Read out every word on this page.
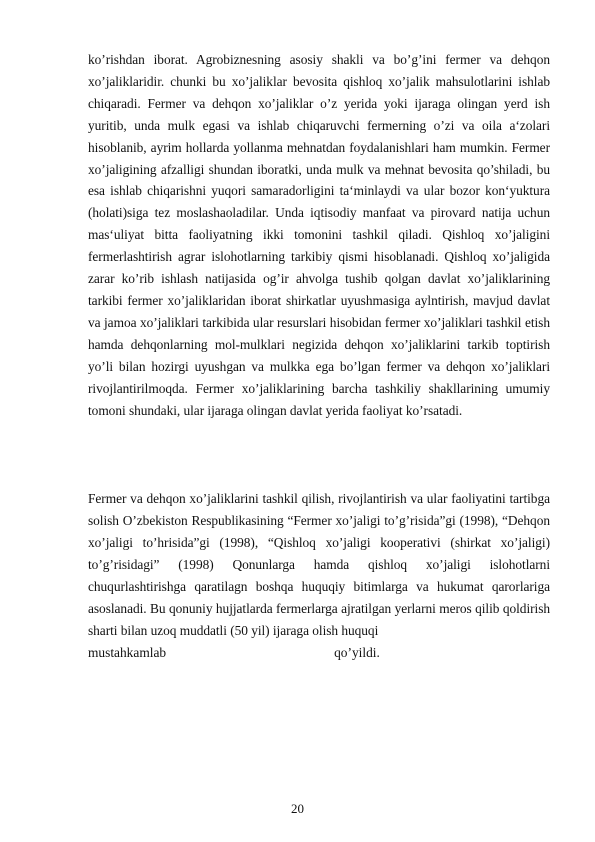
ko’rishdan iborat. Agrobiznesning asosiy shakli va bo’g’ini fermer va dehqon xo’jaliklaridir. chunki bu xo’jaliklar bevosita qishloq xo’jalik mahsulotlarini ishlab chiqaradi. Fermer va dehqon xo’jaliklar o’z yerida yoki ijaraga olingan yerd ish yuritib, unda mulk egasi va ishlab chiqaruvchi fermerning o’zi va oila a‘zolari hisoblanib, ayrim hollarda yollanma mehnatdan foydalanishlari ham mumkin. Fermer xo’jaligining afzalligi shundan iboratki, unda mulk va mehnat bevosita qo’shiladi, bu esa ishlab chiqarishni yuqori samaradorligini ta‘minlaydi va ular bozor kon‘yuktura (holati)siga tez moslashaoladilar. Unda iqtisodiy manfaat va pirovard natija uchun mas‘uliyat bitta faoliyatning ikki tomonini tashkil qiladi. Qishloq xo’jaligini fermerlashtirish agrar islohotlarning tarkibiy qismi hisoblanadi. Qishloq xo’jaligida zarar ko’rib ishlash natijasida og’ir ahvolga tushib qolgan davlat xo’jaliklarining tarkibi fermer xo’jaliklaridan iborat shirkatlar uyushmasiga aylntirish, mavjud davlat va jamoa xo’jaliklari tarkibida ular resurslari hisobidan fermer xo’jaliklari tashkil etish hamda dehqonlarning mol-mulklari negizida dehqon xo’jaliklarini tarkib toptirish yo’li bilan hozirgi uyushgan va mulkka ega bo’lgan fermer va dehqon xo’jaliklari rivojlantirilmoqda. Fermer xo’jaliklarining barcha tashkiliy shakllarining umumiy tomoni shundaki, ular ijaraga olingan davlat yerida faoliyat ko’rsatadi.

Fermer va dehqon xo’jaliklarini tashkil qilish, rivojlantirish va ular faoliyatini tartibga solish O’zbekiston Respublikasining “Fermer xo’jaligi to’g’risida”gi (1998), “Dehqon xo’jaligi to’hrisida”gi (1998), “Qishloq xo’jaligi kooperativi (shirkat xo’jaligi) to’g’risidagi” (1998) Qonunlarga hamda qishloq xo’jaligi islohotlarni chuqurlashtirishga qaratilagn boshqa huquqiy bitimlarga va hukumat qarorlariga asoslanadi. Bu qonuniy hujjatlarda fermerlarga ajratilgan yerlarni meros qilib qoldirish sharti bilan uzoq muddatli (50 yil) ijaraga olish huquqi

mustahkamlab	qo’yildi.
20
